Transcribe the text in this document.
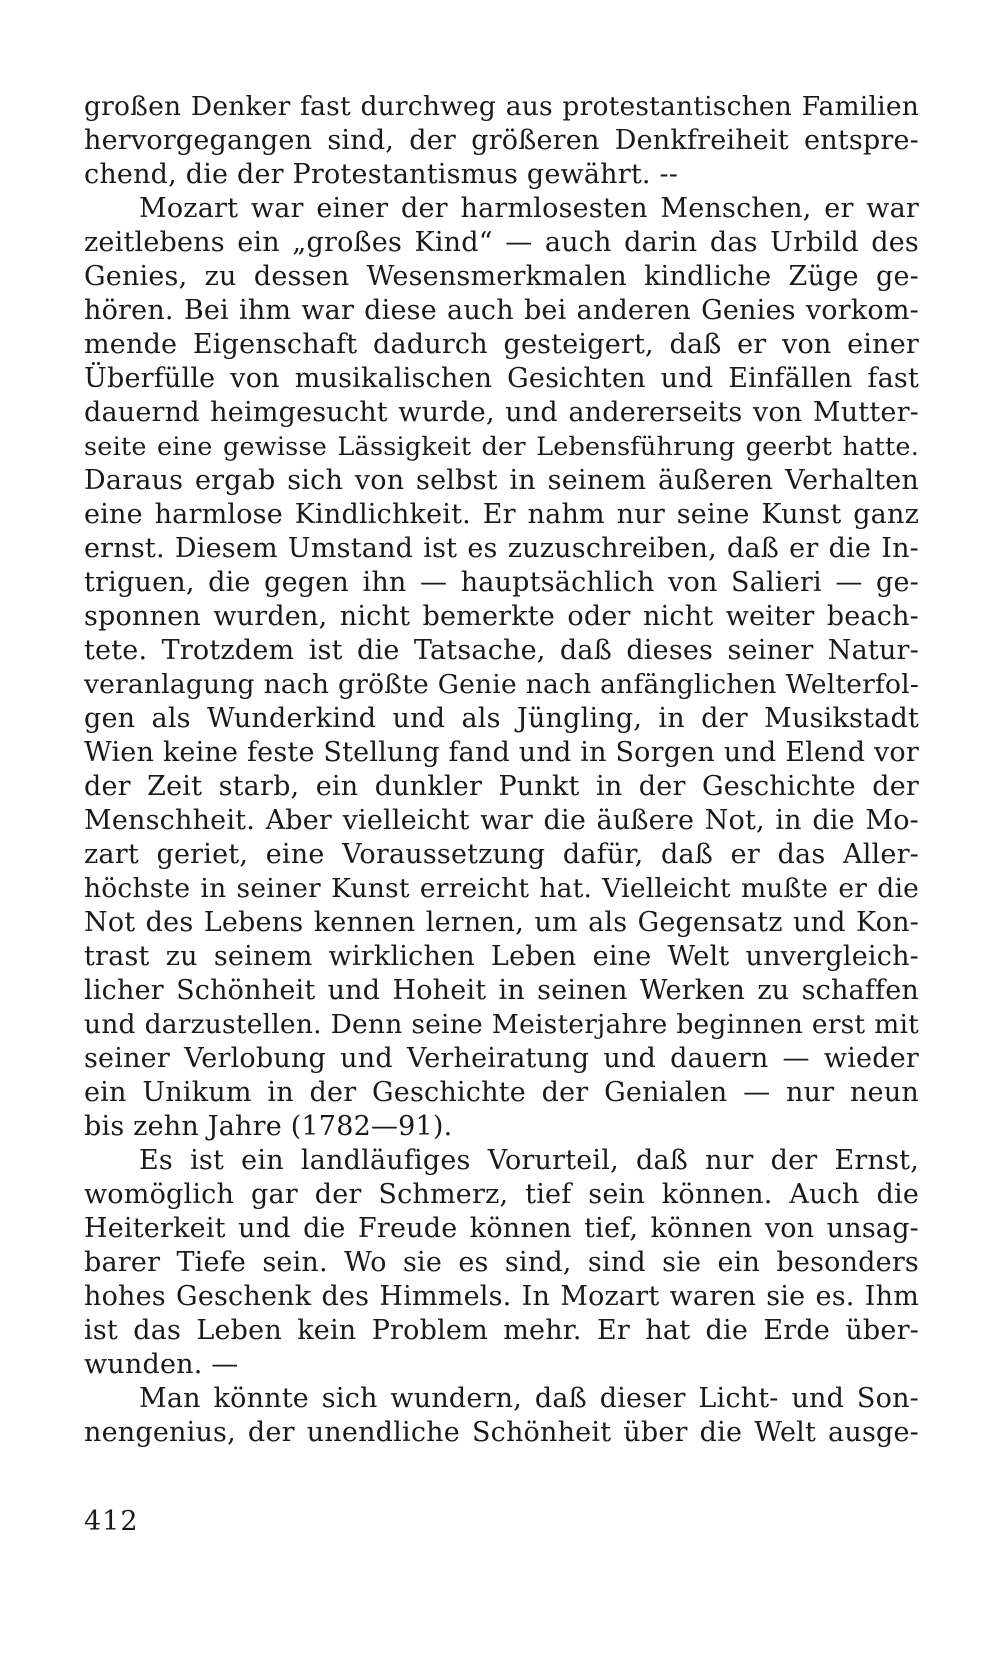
großen Denker fast durchweg aus protestantischen Familien
hervorgegangen sind, der größeren Denkfreiheit entspre-
chend, die der Protestantismus gewährt. --
Mozart war einer der harmlosesten Menschen, er war
zeitlebens ein „großes Kind“ — auch darin das Urbild des
Genies, zu dessen Wesensmerkmalen kindliche Züge ge-
hören. Bei ihm war diese auch bei anderen Genies vorkom-
mende Eigenschaft dadurch gesteigert, daß er von einer
Überfülle von musikalischen Gesichten und Einfällen fast
dauernd heimgesucht wurde, und andererseits von Mutter-
seite eine gewisse Lässigkeit der Lebensführung geerbt hatte.
Daraus ergab sich von selbst in seinem äußeren Verhalten
eine harmlose Kindlichkeit. Er nahm nur seine Kunst ganz
ernst. Diesem Umstand ist es zuzuschreiben, daß er die In-
triguen, die gegen ihn — hauptsächlich von Salieri — ge-
sponnen wurden, nicht bemerkte oder nicht weiter beach-
tete. Trotzdem ist die Tatsache, daß dieses seiner Natur-
veranlagung nach größte Genie nach anfänglichen Welterfol-
gen als Wunderkind und als Jüngling, in der Musikstadt
Wien keine feste Stellung fand und in Sorgen und Elend vor
der Zeit starb, ein dunkler Punkt in der Geschichte der
Menschheit. Aber vielleicht war die äußere Not, in die Mo-
zart geriet, eine Voraussetzung dafür, daß er das Aller-
höchste in seiner Kunst erreicht hat. Vielleicht mußte er die
Not des Lebens kennen lernen, um als Gegensatz und Kon-
trast zu seinem wirklichen Leben eine Welt unvergleich-
licher Schönheit und Hoheit in seinen Werken zu schaffen
und darzustellen. Denn seine Meisterjahre beginnen erst mit
seiner Verlobung und Verheiratung und dauern — wieder
ein Unikum in der Geschichte der Genialen — nur neun
bis zehn Jahre (1782—91).
Es ist ein landläufiges Vorurteil, daß nur der Ernst,
womöglich gar der Schmerz, tief sein können. Auch die
Heiterkeit und die Freude können tief, können von unsag-
barer Tiefe sein. Wo sie es sind, sind sie ein besonders
hohes Geschenk des Himmels. In Mozart waren sie es. Ihm
ist das Leben kein Problem mehr. Er hat die Erde über-
wunden. —
Man könnte sich wundern, daß dieser Licht- und Son-
nengenius, der unendliche Schönheit über die Welt ausge-
412
